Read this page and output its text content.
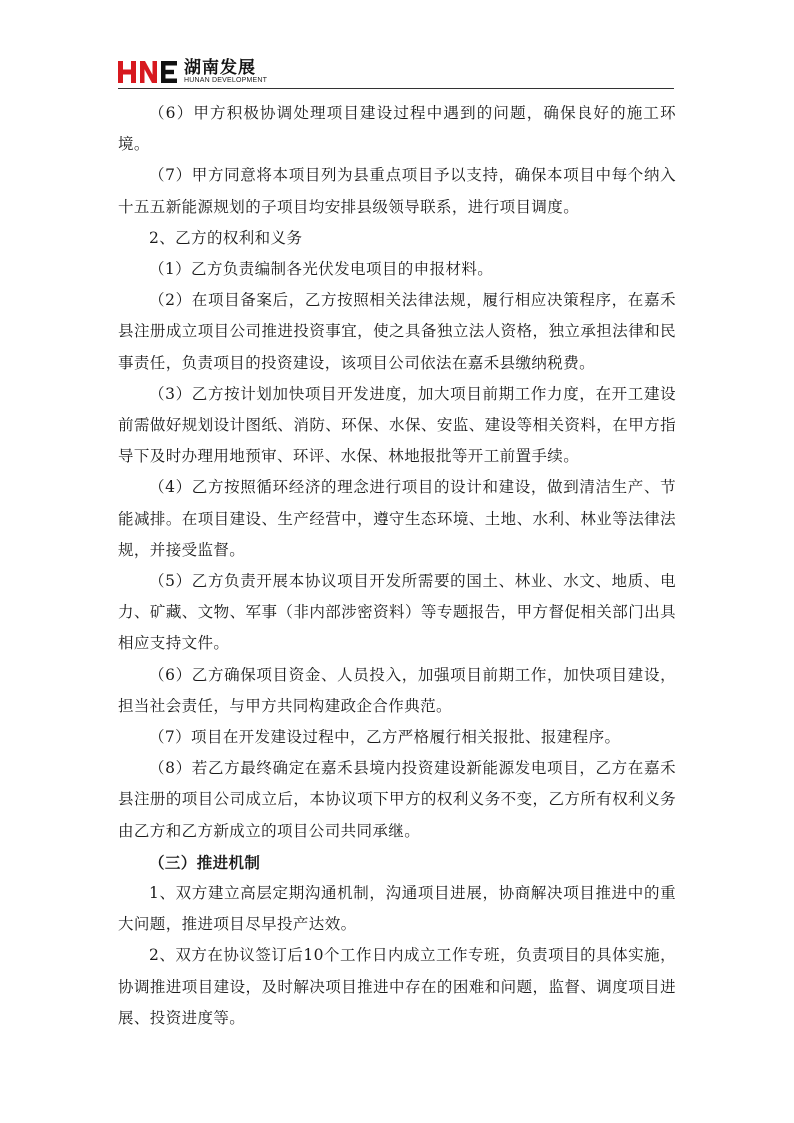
湖南发展
HUNAN DEVELOPMENT

（6）甲方积极协调处理项目建设过程中遇到的问题，确保良好的施工环境。

（7）甲方同意将本项目列为县重点项目予以支持，确保本项目中每个纳入十五五新能源规划的子项目均安排县级领导联系，进行项目调度。

2、乙方的权利和义务

（1）乙方负责编制各光伏发电项目的申报材料。

（2）在项目备案后，乙方按照相关法律法规，履行相应决策程序，在嘉禾县注册成立项目公司推进投资事宜，使之具备独立法人资格，独立承担法律和民事责任，负责项目的投资建设，该项目公司依法在嘉禾县缴纳税费。

（3）乙方按计划加快项目开发进度，加大项目前期工作力度，在开工建设前需做好规划设计图纸、消防、环保、水保、安监、建设等相关资料，在甲方指导下及时办理用地预审、环评、水保、林地报批等开工前置手续。

（4）乙方按照循环经济的理念进行项目的设计和建设，做到清洁生产、节能减排。在项目建设、生产经营中，遵守生态环境、土地、水利、林业等法律法规，并接受监督。

（5）乙方负责开展本协议项目开发所需要的国土、林业、水文、地质、电力、矿藏、文物、军事（非内部涉密资料）等专题报告，甲方督促相关部门出具相应支持文件。

（6）乙方确保项目资金、人员投入，加强项目前期工作，加快项目建设，担当社会责任，与甲方共同构建政企合作典范。

（7）项目在开发建设过程中，乙方严格履行相关报批、报建程序。

（8）若乙方最终确定在嘉禾县境内投资建设新能源发电项目，乙方在嘉禾县注册的项目公司成立后，本协议项下甲方的权利义务不变，乙方所有权利义务由乙方和乙方新成立的项目公司共同承继。

（三）推进机制

1、双方建立高层定期沟通机制，沟通项目进展，协商解决项目推进中的重大问题，推进项目尽早投产达效。

2、双方在协议签订后10个工作日内成立工作专班，负责项目的具体实施，协调推进项目建设，及时解决项目推进中存在的困难和问题，监督、调度项目进展、投资进度等。
